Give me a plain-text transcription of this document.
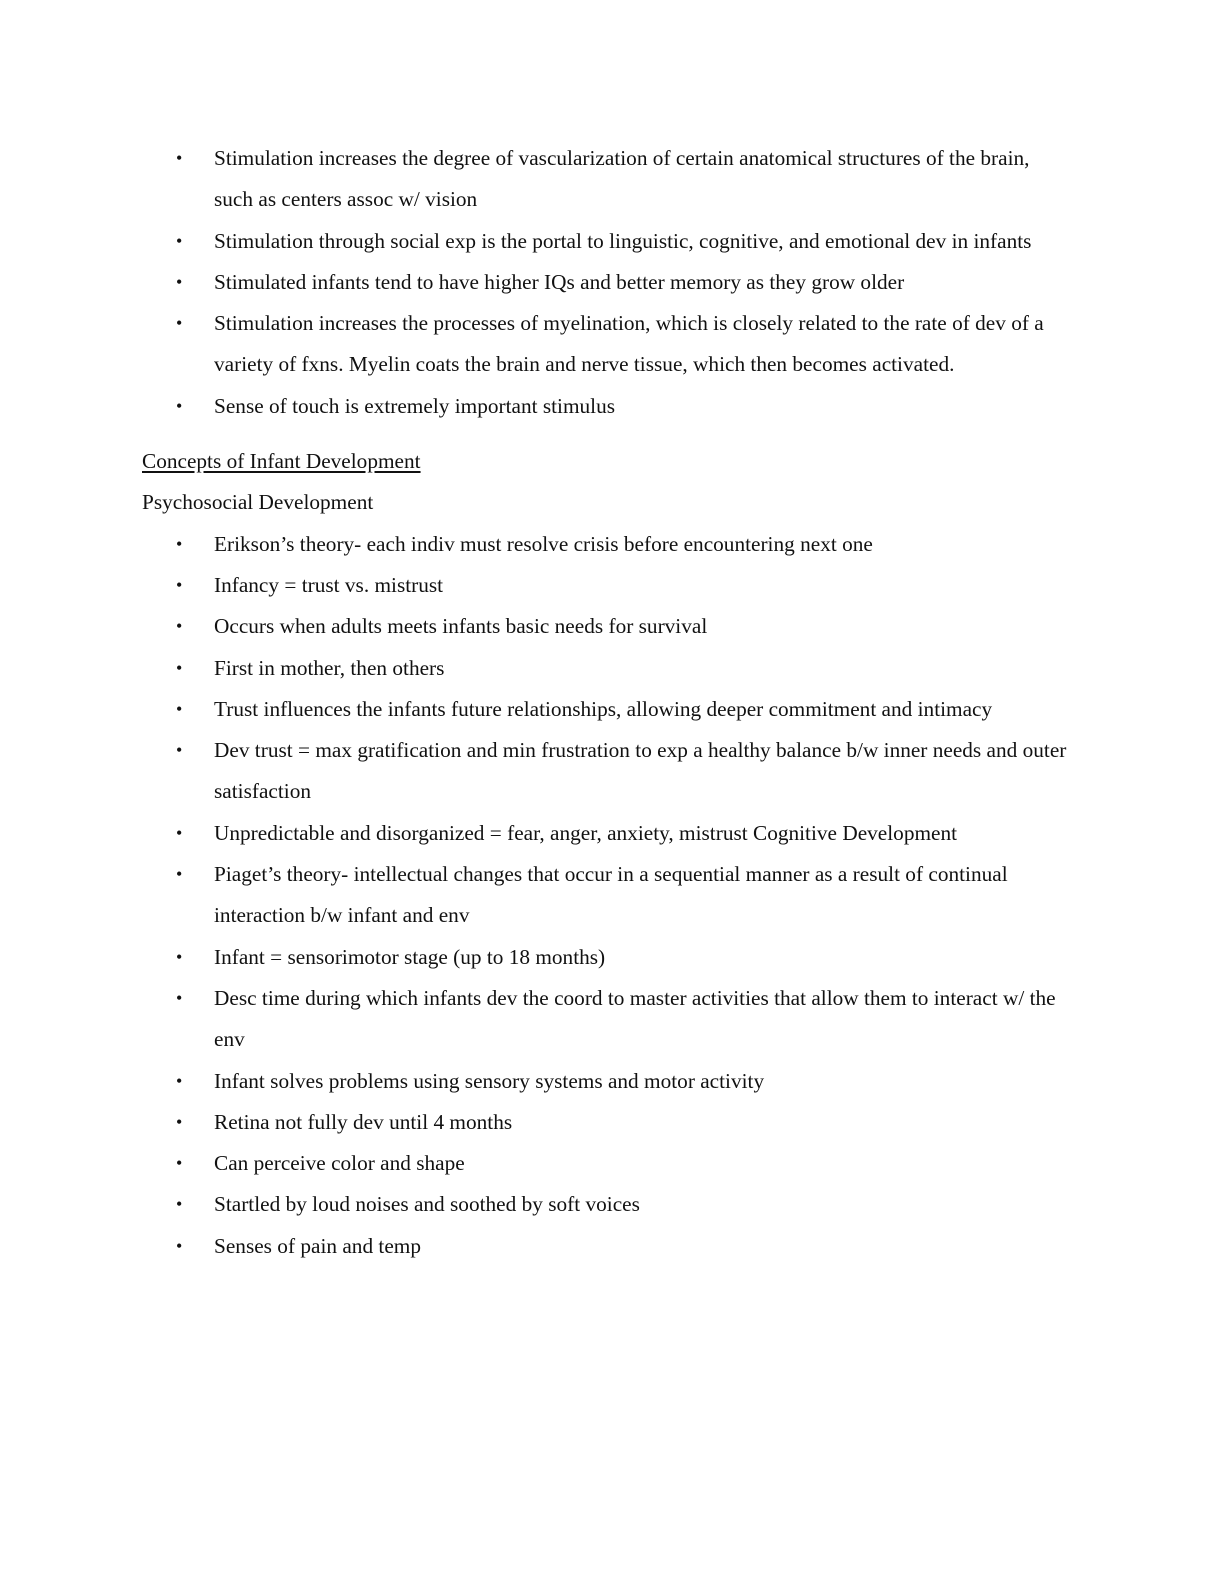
• Stimulation increases the degree of vascularization of certain anatomical structures of the brain, such as centers assoc w/ vision
• Stimulation through social exp is the portal to linguistic, cognitive, and emotional dev in infants
• Stimulated infants tend to have higher IQs and better memory as they grow older
• Stimulation increases the processes of myelination, which is closely related to the rate of dev of a variety of fxns. Myelin coats the brain and nerve tissue, which then becomes activated.
• Sense of touch is extremely important stimulus
Concepts of Infant Development
Psychosocial Development
• Erikson’s theory- each indiv must resolve crisis before encountering next one
• Infancy = trust vs. mistrust
• Occurs when adults meets infants basic needs for survival
• First in mother, then others
• Trust influences the infants future relationships, allowing deeper commitment and intimacy
• Dev trust = max gratification and min frustration to exp a healthy balance b/w inner needs and outer satisfaction
• Unpredictable and disorganized = fear, anger, anxiety, mistrust Cognitive Development
• Piaget’s theory- intellectual changes that occur in a sequential manner as a result of continual interaction b/w infant and env
• Infant = sensorimotor stage (up to 18 months)
• Desc time during which infants dev the coord to master activities that allow them to interact w/ the env
• Infant solves problems using sensory systems and motor activity
• Retina not fully dev until 4 months
• Can perceive color and shape
• Startled by loud noises and soothed by soft voices
• Senses of pain and temp
